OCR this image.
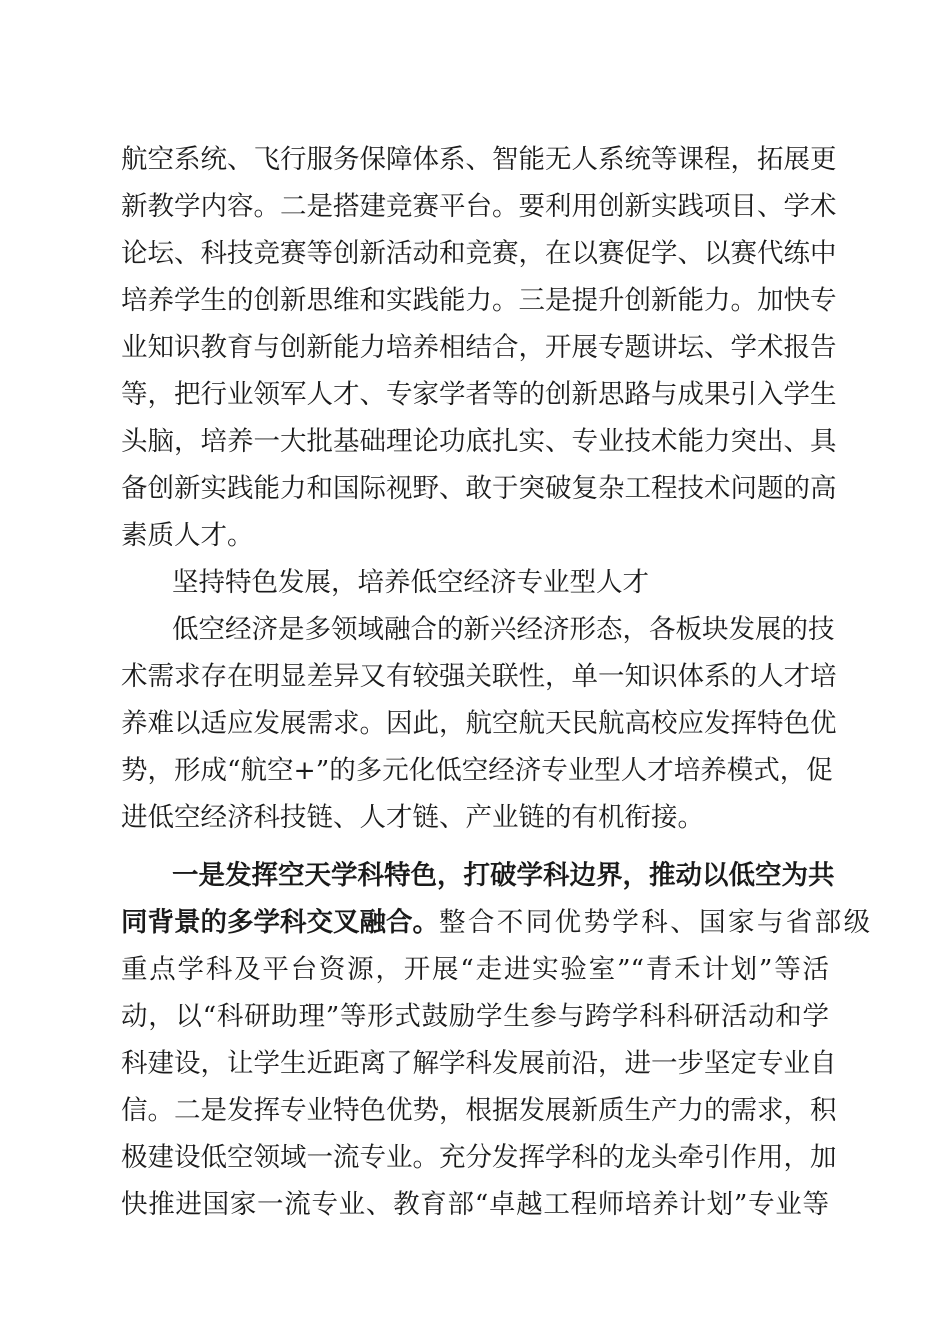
航空系统、飞行服务保障体系、智能无人系统等课程，拓展更
新教学内容。二是搭建竞赛平台。要利用创新实践项目、学术
论坛、科技竞赛等创新活动和竞赛，在以赛促学、以赛代练中
培养学生的创新思维和实践能力。三是提升创新能力。加快专
业知识教育与创新能力培养相结合，开展专题讲坛、学术报告
等，把行业领军人才、专家学者等的创新思路与成果引入学生
头脑，培养一大批基础理论功底扎实、专业技术能力突出、具
备创新实践能力和国际视野、敢于突破复杂工程技术问题的高
素质人才。
坚持特色发展，培养低空经济专业型人才
低空经济是多领域融合的新兴经济形态，各板块发展的技
术需求存在明显差异又有较强关联性，单一知识体系的人才培
养难以适应发展需求。因此，航空航天民航高校应发挥特色优
势，形成“航空+”的多元化低空经济专业型人才培养模式，促
进低空经济科技链、人才链、产业链的有机衔接。
一是发挥空天学科特色，打破学科边界，推动以低空为共
同背景的多学科交叉融合。 整合不同优势学科、国家与省部级
重点学科及平台资源，开展“走进实验室”“青禾计划”等活
动，以“科研助理”等形式鼓励学生参与跨学科科研活动和学
科建设，让学生近距离了解学科发展前沿，进一步坚定专业自
信。二是发挥专业特色优势，根据发展新质生产力的需求，积
极建设低空领域一流专业。充分发挥学科的龙头牵引作用，加
快推进国家一流专业、教育部“卓越工程师培养计划”专业等
